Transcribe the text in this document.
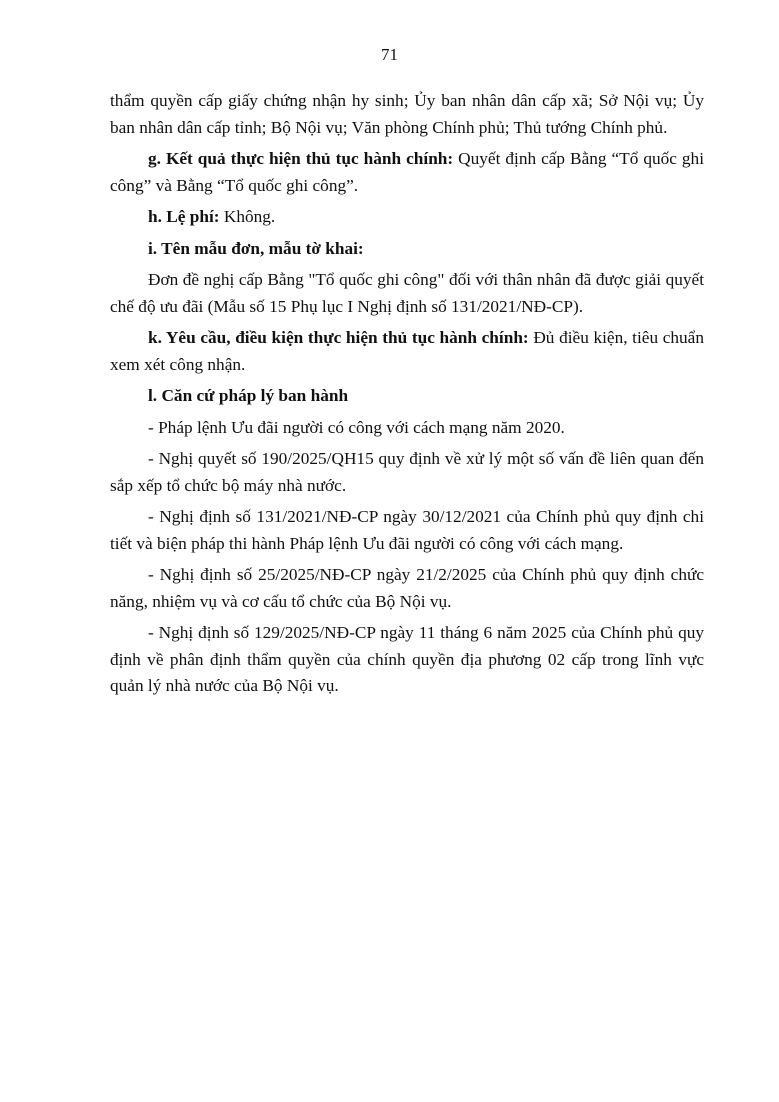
71

thẩm quyền cấp giấy chứng nhận hy sinh; Ủy ban nhân dân cấp xã; Sở Nội vụ; Ủy ban nhân dân cấp tỉnh; Bộ Nội vụ; Văn phòng Chính phủ; Thủ tướng Chính phủ.

g. Kết quả thực hiện thủ tục hành chính: Quyết định cấp Bằng “Tổ quốc ghi công” và Bằng “Tổ quốc ghi công”.

h. Lệ phí: Không.

i. Tên mẫu đơn, mẫu tờ khai:

Đơn đề nghị cấp Bằng "Tổ quốc ghi công" đối với thân nhân đã được giải quyết chế độ ưu đãi (Mẫu số 15 Phụ lục I Nghị định số 131/2021/NĐ-CP).

k. Yêu cầu, điều kiện thực hiện thủ tục hành chính: Đủ điều kiện, tiêu chuẩn xem xét công nhận.

l. Căn cứ pháp lý ban hành

- Pháp lệnh Ưu đãi người có công với cách mạng năm 2020.

- Nghị quyết số 190/2025/QH15 quy định về xử lý một số vấn đề liên quan đến sắp xếp tổ chức bộ máy nhà nước.

- Nghị định số 131/2021/NĐ-CP ngày 30/12/2021 của Chính phủ quy định chi tiết và biện pháp thi hành Pháp lệnh Ưu đãi người có công với cách mạng.

- Nghị định số 25/2025/NĐ-CP ngày 21/2/2025 của Chính phủ quy định chức năng, nhiệm vụ và cơ cấu tổ chức của Bộ Nội vụ.

- Nghị định số 129/2025/NĐ-CP ngày 11 tháng 6 năm 2025 của Chính phủ quy định về phân định thẩm quyền của chính quyền địa phương 02 cấp trong lĩnh vực quản lý nhà nước của Bộ Nội vụ.
